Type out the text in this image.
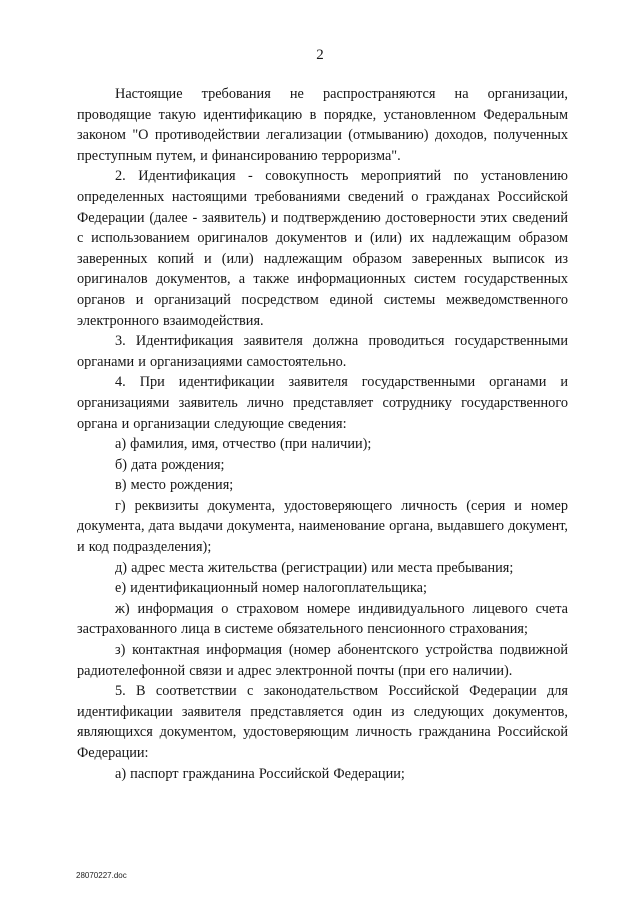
2

Настоящие требования не распространяются на организации, проводящие такую идентификацию в порядке, установленном Федеральным законом "О противодействии легализации (отмыванию) доходов, полученных преступным путем, и финансированию терроризма".

2. Идентификация - совокупность мероприятий по установлению определенных настоящими требованиями сведений о гражданах Российской Федерации (далее - заявитель) и подтверждению достоверности этих сведений с использованием оригиналов документов и (или) их надлежащим образом заверенных копий и (или) надлежащим образом заверенных выписок из оригиналов документов, а также информационных систем государственных органов и организаций посредством единой системы межведомственного электронного взаимодействия.

3. Идентификация заявителя должна проводиться государственными органами и организациями самостоятельно.

4. При идентификации заявителя государственными органами и организациями заявитель лично представляет сотруднику государственного органа и организации следующие сведения:

а) фамилия, имя, отчество (при наличии);

б) дата рождения;

в) место рождения;

г) реквизиты документа, удостоверяющего личность (серия и номер документа, дата выдачи документа, наименование органа, выдавшего документ, и код подразделения);

д) адрес места жительства (регистрации) или места пребывания;

е) идентификационный номер налогоплательщика;

ж) информация о страховом номере индивидуального лицевого счета застрахованного лица в системе обязательного пенсионного страхования;

з) контактная информация (номер абонентского устройства подвижной радиотелефонной связи и адрес электронной почты (при его наличии).

5. В соответствии с законодательством Российской Федерации для идентификации заявителя представляется один из следующих документов, являющихся документом, удостоверяющим личность гражданина Российской Федерации:

а) паспорт гражданина Российской Федерации;

28070227.doc
